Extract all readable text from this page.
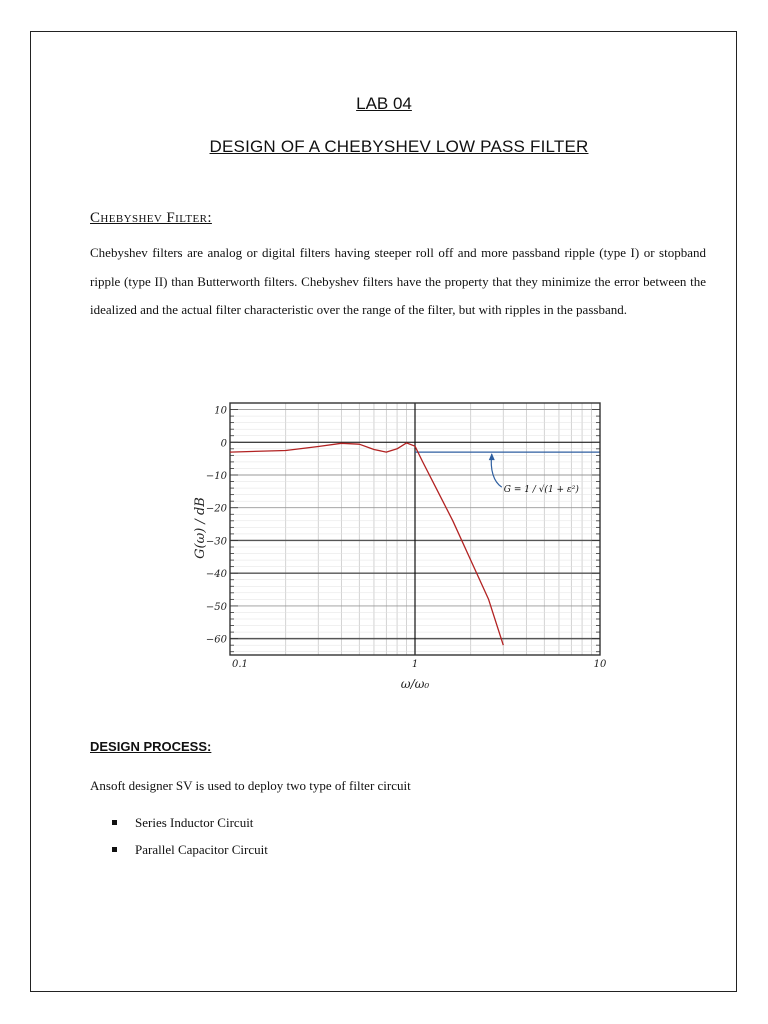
LAB 04
DESIGN OF A CHEBYSHEV LOW PASS FILTER
Chebyshev Filter:

Chebyshev filters are analog or digital filters having steeper roll off and more passband ripple (type I) or stopband ripple (type II) than Butterworth filters. Chebyshev filters have the property that they minimize the error between the idealized and the actual filter characteristic over the range of the filter, but with ripples in the passband.

10
0
−10
−20
−30
−40
−50
−60
0.1	1	10
G = 1 / √(1 + ε²)
G(ω) / dB
ω/ω₀
DESIGN PROCESS:

Ansoft designer SV is used to deploy two type of filter circuit

Series Inductor Circuit
Parallel Capacitor Circuit
